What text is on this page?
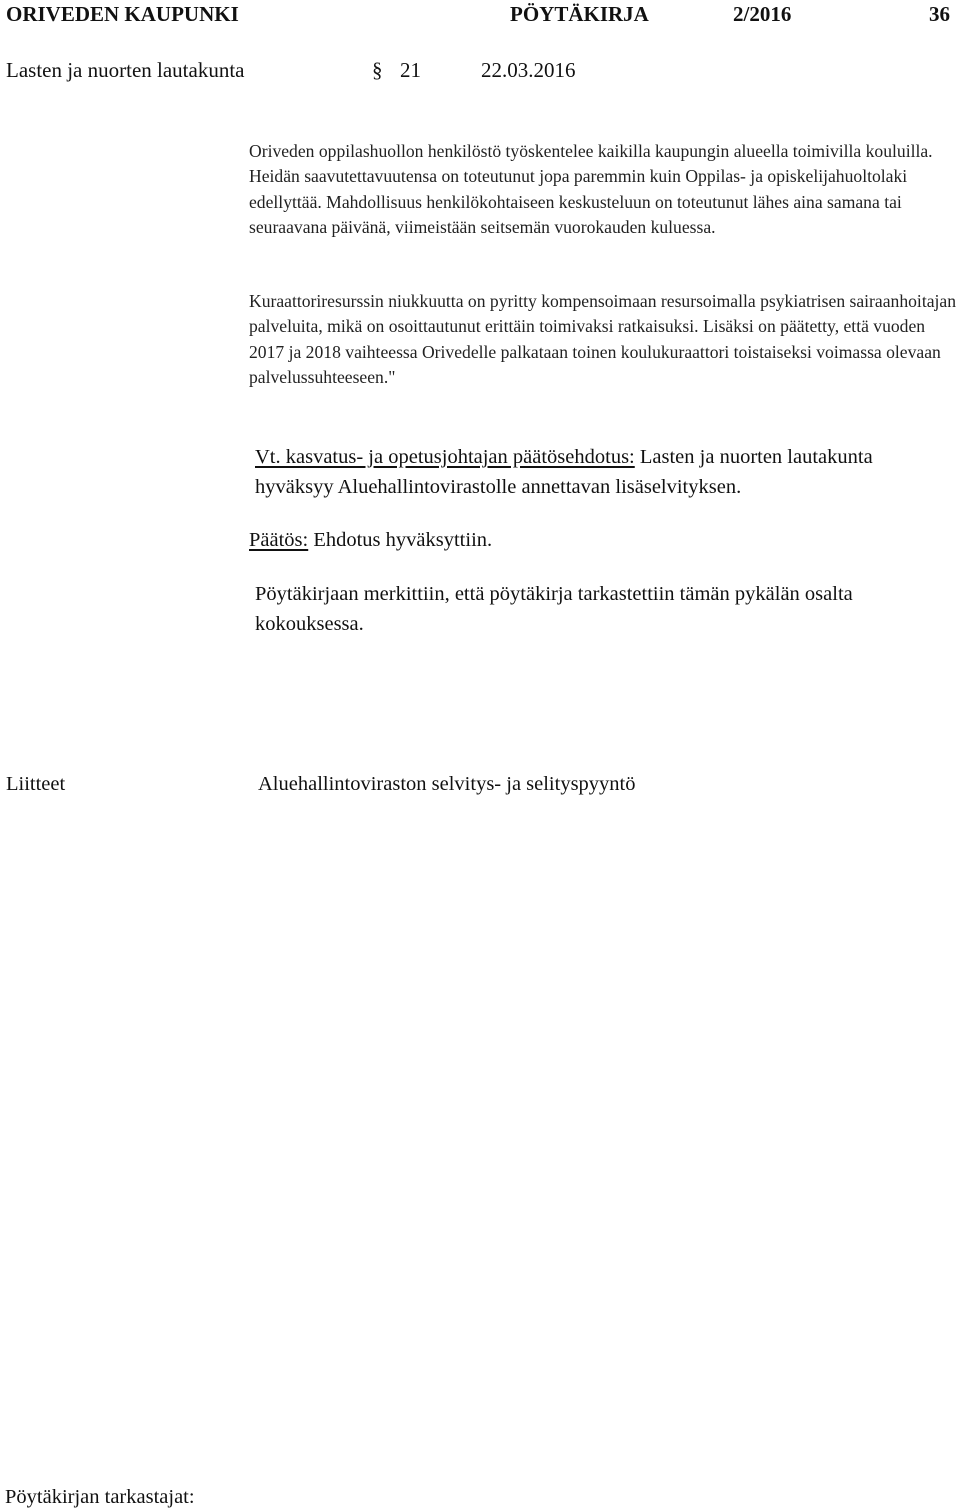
ORIVEDEN KAUPUNKI	PÖYTÄKIRJA	2/2016	36
Lasten ja nuorten lautakunta	§ 21	22.03.2016

Oriveden oppilashuollon henkilöstö työskentelee kaikilla kaupungin alueella toimivilla kouluilla. Heidän saavutettavuutensa on toteutunut jopa paremmin kuin Oppilas- ja opiskelijahuoltolaki edellyttää. Mahdollisuus henkilökohtaiseen keskusteluun on toteutunut lähes aina samana tai seuraavana päivänä, viimeistään seitsemän vuorokauden kuluessa.

Kuraattoriresurssin niukkuutta on pyritty kompensoimaan resursoimalla psykiatrisen sairaanhoitajan palveluita, mikä on osoittautunut erittäin toimivaksi ratkaisuksi. Lisäksi on päätetty, että vuoden 2017 ja 2018 vaihteessa Orivedelle palkataan toinen koulukuraattori toistaiseksi voimassa olevaan palvelussuhteeseen."

Vt. kasvatus- ja opetusjohtajan päätösehdotus: Lasten ja nuorten lautakunta hyväksyy Aluehallintovirastolle annettavan lisäselvityksen.

Päätös: Ehdotus hyväksyttiin.

Pöytäkirjaan merkittiin, että pöytäkirja tarkastettiin tämän pykälän osalta kokouksessa.

Liitteet	Aluehallintoviraston selvitys- ja selityspyyntö
Pöytäkirjan tarkastajat:
